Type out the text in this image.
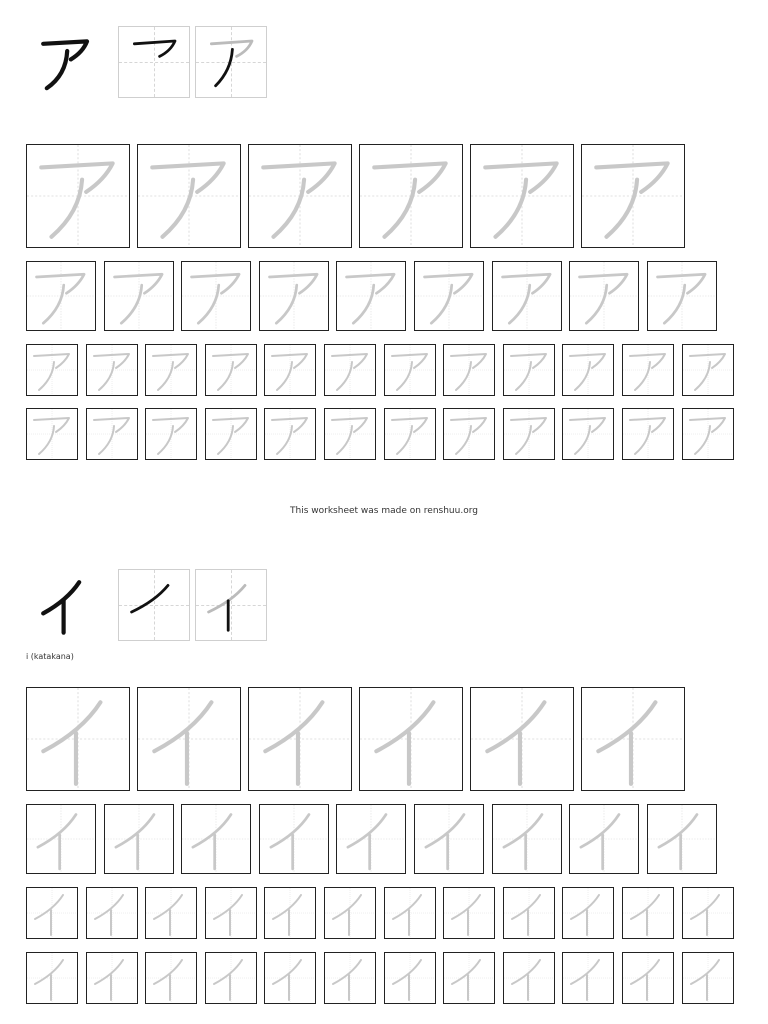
This worksheet was made on renshuu.org
i (katakana)
